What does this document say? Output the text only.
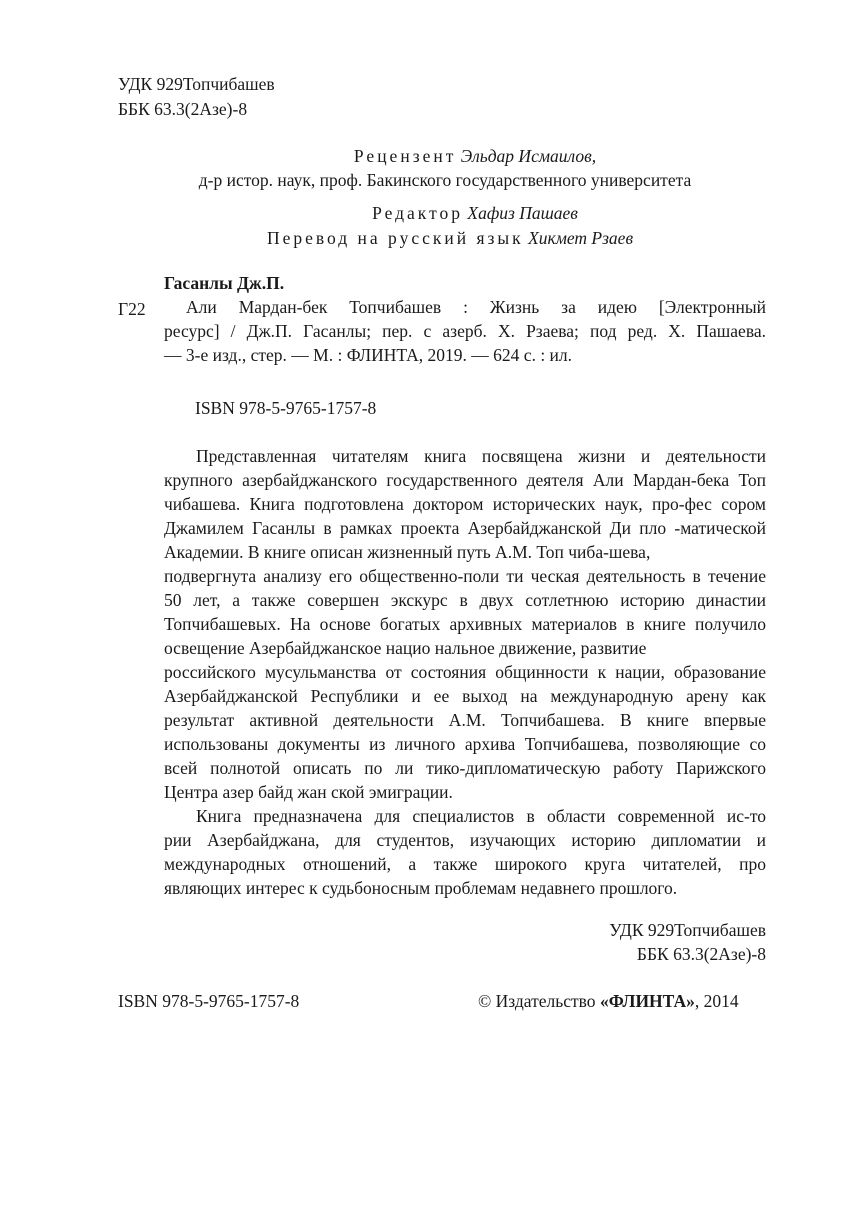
УДК 929Топчибашев
ББК 63.3(2Азе)-8
Рецензент Эльдар Исмаилов,
д-р истор. наук, проф. Бакинского государственного университета
Редактор Хафиз Пашаев
Перевод на русский язык Хикмет Рзаев
Гасанлы Дж.П.
Г22	Али Мардан-бек Топчибашев : Жизнь за идею [Электронный
ресурс] / Дж.П. Гасанлы; пер. с азерб. Х. Рзаева; под ред. Х. Пашаева.
— 3-е изд., стер. — М. : ФЛИНТА, 2019. — 624 с. : ил.
ISBN 978-5-9765-1757-8
Представленная читателям книга посвящена жизни и деятельности
крупного азербайджанского государственного деятеля Али Мардан-бека Топ
чибашева. Книга подготовлена доктором исторических наук, про-фес сором
Джамилем Гасанлы в рамках проекта Азербайджанской Ди пло -матической
Академии. В книге описан жизненный путь А.М. Топ чиба-шева,
подвергнута анализу его общественно-поли ти ческая деятельность в течение
50 лет, а также совершен экскурс в двух сотлетнюю историю династии
Топчибашевых. На основе богатых архивных материалов в книге получило
освещение Азербайджанское нацио нальное движение, развитие
российского мусульманства от состояния общинности к нации, образование
Азербайджанской Республики и ее выход на международную арену как
результат активной деятельности А.М. Топчибашева. В книге впервые
использованы документы из личного архива Топчибашева, позволяющие со
всей полнотой описать по ли тико-дипломатическую работу Парижского
Центра азер байд жан ской эмиграции.
Книга предназначена для специалистов в области современной ис-то
рии Азербайджана, для студентов, изучающих историю дипломатии и
международных отношений, а также широкого круга читателей, про
являющих интерес к судьбоносным проблемам недавнего прошлого.
УДК 929Топчибашев
ББК 63.3(2Азе)-8
ISBN 978-5-9765-1757-8	© Издательство «ФЛИНТА», 2014
